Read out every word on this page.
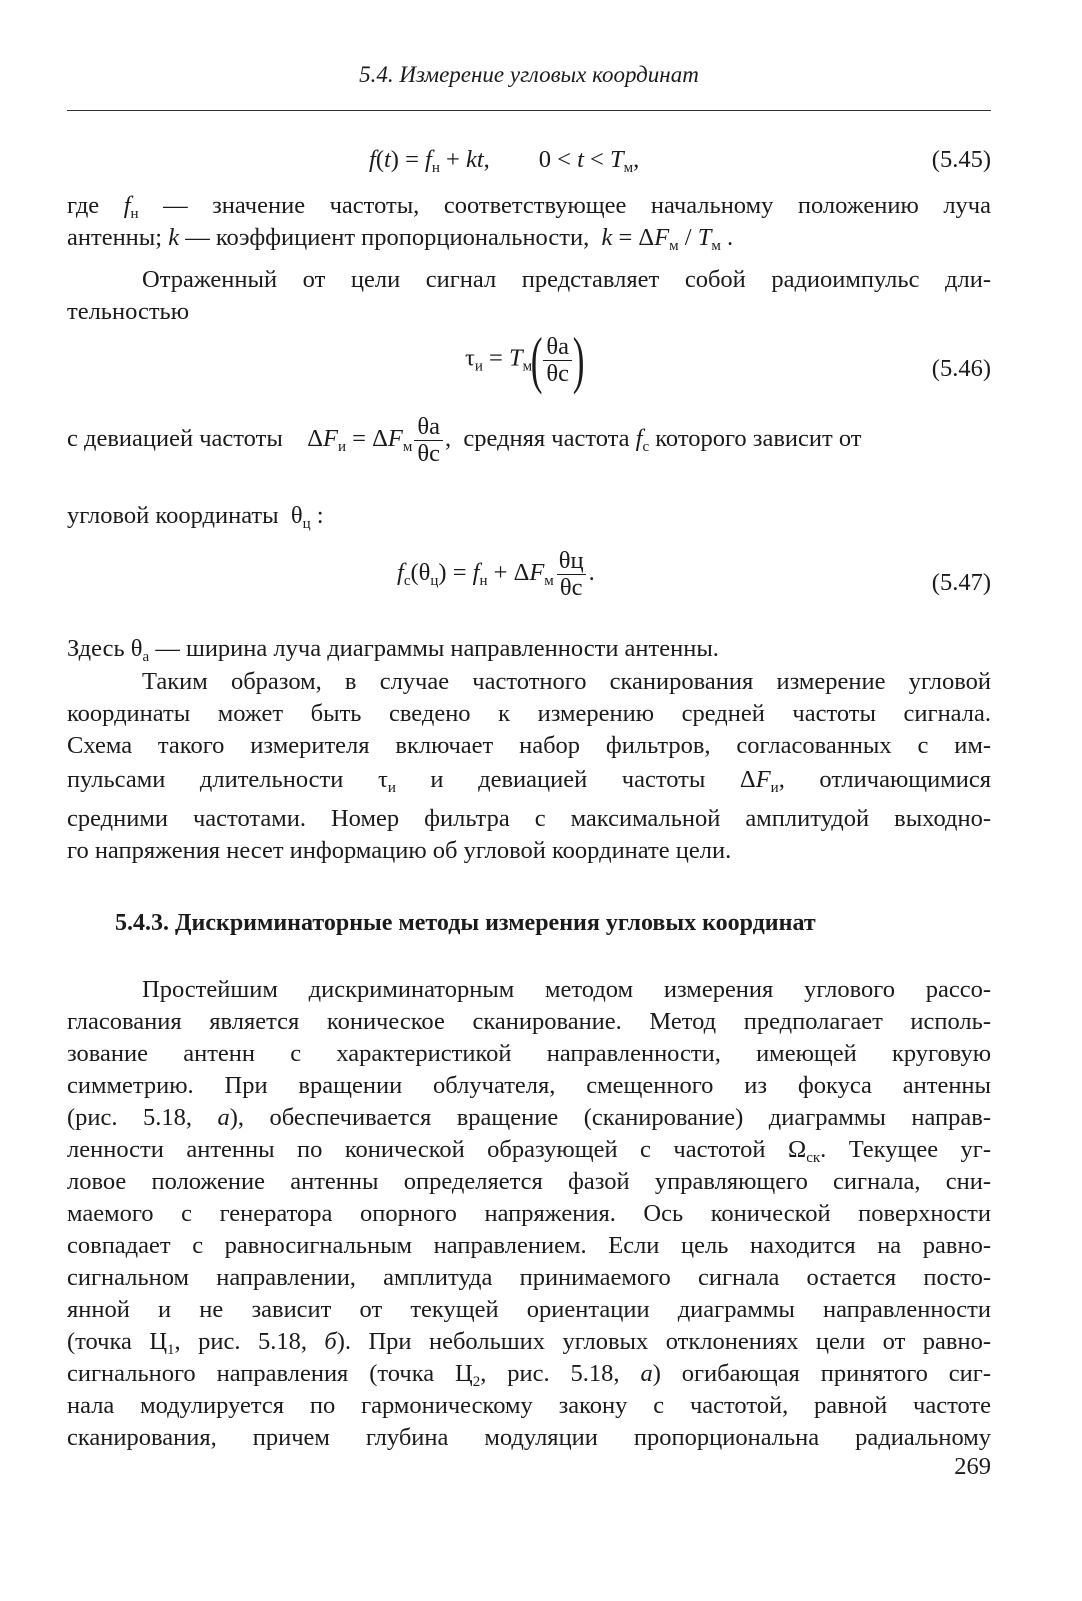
5.4. Измерение угловых координат
$f(t) = f_н$ + kt,        $0 < t < T_м$,	(5.45)

где $f_н$ — значение частоты, соответствующее начальному положению луча

антенны; k — коэффициент пропорциональности,  $k = \Delta F_м / T_м$ .

Отраженный от цели сигнал представляет собой радиоимпульс дли-

тельностью

$\tau_и = T_м( \frac{\theta a}{\theta c}$ )	(5.46)
с девиацией частоты    $\Delta F_и = \Delta F_м \frac{\theta a}{\theta c}$ ,  средняя частота $f_c$ которого зависит от

угловой координаты  $\theta_ц$ :

$f_c(\theta_ц) = f_н + \Delta F_м \frac{\theta ц}{\theta c}$ .	(5.47)

Здесь $\theta_a$ — ширина луча диаграммы направленности антенны.

Таким образом, в случае частотного сканирования измерение угловой

координаты может быть сведено к измерению средней частоты сигнала.

Схема такого измерителя включает набор фильтров, согласованных с им-

пульсами  длительности  $\tau_и$  и  девиацией  частоты  $\Delta F_и$,  отличающимися

средними частотами. Номер фильтра с максимальной амплитудой выходно-

го напряжения несет информацию об угловой координате цели.

5.4.3. Дискриминаторные методы измерения угловых координат

Простейшим дискриминаторным методом измерения углового рассо-

гласования является коническое сканирование. Метод предполагает исполь-

зование антенн с характеристикой направленности, имеющей круговую

симметрию. При вращении облучателя, смещенного из фокуса антенны

(рис. 5.18, а), обеспечивается вращение (сканирование) диаграммы направ-

ленности антенны по конической образующей с частотой $\Omega_{ск}$. Текущее уг-

ловое положение антенны определяется фазой управляющего сигнала, сни-

маемого с генератора опорного напряжения. Ось конической поверхности

совпадает с равносигнальным направлением. Если цель находится на равно-

сигнальном направлении, амплитуда принимаемого сигнала остается посто-

янной и не зависит от текущей ориентации диаграммы направленности

(точка $Ц_1$, рис. 5.18, б). При небольших угловых отклонениях цели от равно-

сигнального направления (точка $Ц_2$, рис. 5.18, а) огибающая принятого сиг-

нала модулируется по гармоническому закону с частотой, равной частоте

сканирования, причем глубина модуляции пропорциональна радиальному

269
